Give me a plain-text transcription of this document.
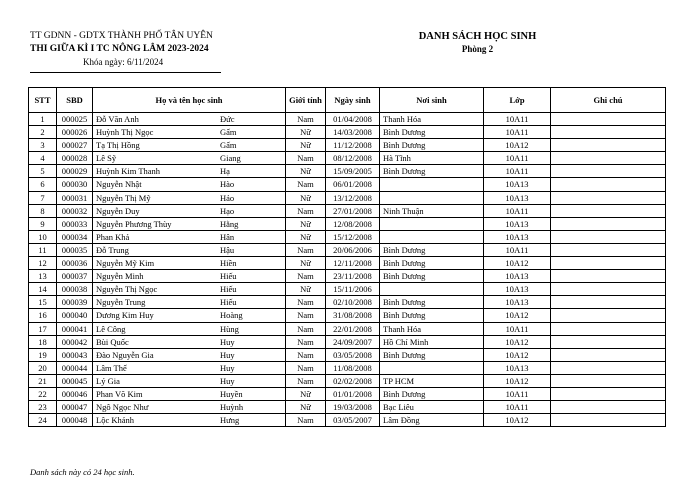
TT GDNN - GDTX THÀNH PHỐ TÂN UYÊN
THI GIỮA KÌ I TC NÔNG LÂM 2023-2024
Khóa ngày: 6/11/2024
DANH SÁCH HỌC SINH
Phòng 2
STT	SBD	Họ và tên học sinh	Giới tính	Ngày sinh	Nơi sinh	Lớp	Ghi chú
1	000025	Đỗ Văn Anh Đức	Nam	01/04/2008	Thanh Hóa	10A11	
2	000026	Huỳnh Thị Ngọc Gấm	Nữ	14/03/2008	Bình Dương	10A11	
3	000027	Tạ Thị Hồng Gấm	Nữ	11/12/2008	Bình Dương	10A12	
4	000028	Lê Sỹ Giang	Nam	08/12/2008	Hà Tĩnh	10A11	
5	000029	Huỳnh Kim Thanh Hạ	Nữ	15/09/2005	Bình Dương	10A11	
6	000030	Nguyễn Nhật Hào	Nam	06/01/2008		10A13	
7	000031	Nguyễn Thị Mỹ Hảo	Nữ	13/12/2008		10A13	
8	000032	Nguyễn Duy Hạo	Nam	27/01/2008	Ninh Thuận	10A11	
9	000033	Nguyễn Phương Thùy Hằng	Nữ	12/08/2008		10A13	
10	000034	Phan Khả Hân	Nữ	15/12/2008		10A13	
11	000035	Đỗ Trung Hậu	Nam	20/06/2006	Bình Dương	10A11	
12	000036	Nguyễn Mỹ Kim Hiền	Nữ	12/11/2008	Bình Dương	10A12	
13	000037	Nguyễn Minh Hiếu	Nam	23/11/2008	Bình Dương	10A13	
14	000038	Nguyễn Thị Ngọc Hiếu	Nữ	15/11/2006		10A13	
15	000039	Nguyễn Trung Hiếu	Nam	02/10/2008	Bình Dương	10A13	
16	000040	Dương Kim Huy Hoàng	Nam	31/08/2008	Bình Dương	10A12	
17	000041	Lê Công Hùng	Nam	22/01/2008	Thanh Hóa	10A11	
18	000042	Bùi Quốc Huy	Nam	24/09/2007	Hồ Chí Minh	10A12	
19	000043	Đào Nguyễn Gia Huy	Nam	03/05/2008	Bình Dương	10A12	
20	000044	Lâm Thế Huy	Nam	11/08/2008		10A13	
21	000045	Lý Gia Huy	Nam	02/02/2008	TP HCM	10A12	
22	000046	Phan Võ Kim Huyền	Nữ	01/01/2008	Bình Dương	10A11	
23	000047	Ngô Ngọc Như Huỳnh	Nữ	19/03/2008	Bạc Liêu	10A11	
24	000048	Lộc Khánh Hưng	Nam	03/05/2007	Lâm Đồng	10A12	
Danh sách này có 24 học sinh.
